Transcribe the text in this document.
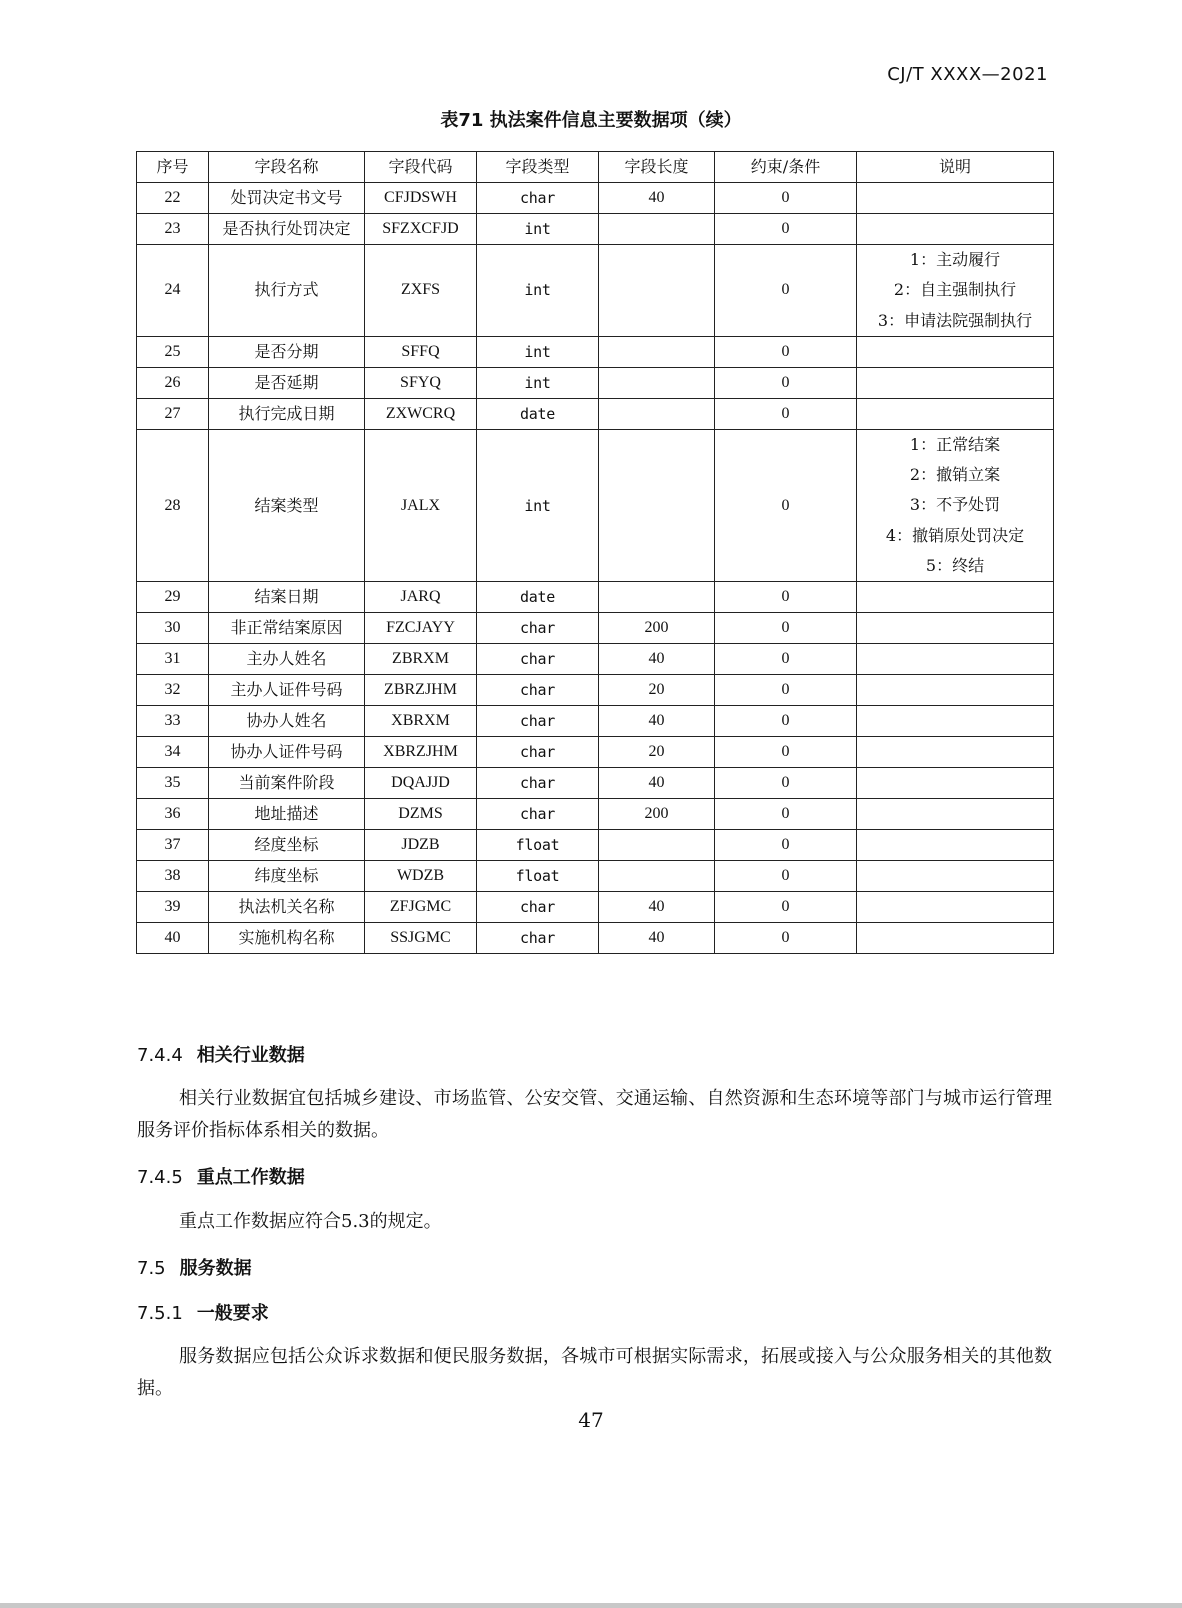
CJ/T XXXX—2021
表71 执法案件信息主要数据项（续）
序号	字段名称	字段代码	字段类型	字段长度	约束/条件	说明
22	处罚决定书文号	CFJDSWH	char	40	0	
23	是否执行处罚决定	SFZXCFJD	int		0	
24	执行方式	ZXFS	int		0	1：主动履行
2：自主强制执行
3：申请法院强制执行

25	是否分期	SFFQ	int		0	
26	是否延期	SFYQ	int		0	
27	执行完成日期	ZXWCRQ	date		0	
28	结案类型	JALX	int		0	1：正常结案
2：撤销立案
3：不予处罚
4：撤销原处罚决定
5：终结

29	结案日期	JARQ	date		0	
30	非正常结案原因	FZCJAYY	char	200	0	
31	主办人姓名	ZBRXM	char	40	0	
32	主办人证件号码	ZBRZJHM	char	20	0	
33	协办人姓名	XBRXM	char	40	0	
34	协办人证件号码	XBRZJHM	char	20	0	
35	当前案件阶段	DQAJJD	char	40	0	
36	地址描述	DZMS	char	200	0	
37	经度坐标	JDZB	float		0	
38	纬度坐标	WDZB	float		0	
39	执法机关名称	ZFJGMC	char	40	0	
40	实施机构名称	SSJGMC	char	40	0	
7.4.4 相关行业数据
相关行业数据宜包括城乡建设、市场监管、公安交管、交通运输、自然资源和生态环境等部门与城市运行管理服务评价指标体系相关的数据。
7.4.5 重点工作数据
重点工作数据应符合5.3的规定。
7.5 服务数据
7.5.1 一般要求
服务数据应包括公众诉求数据和便民服务数据，各城市可根据实际需求，拓展或接入与公众服务相关的其他数据。
47
